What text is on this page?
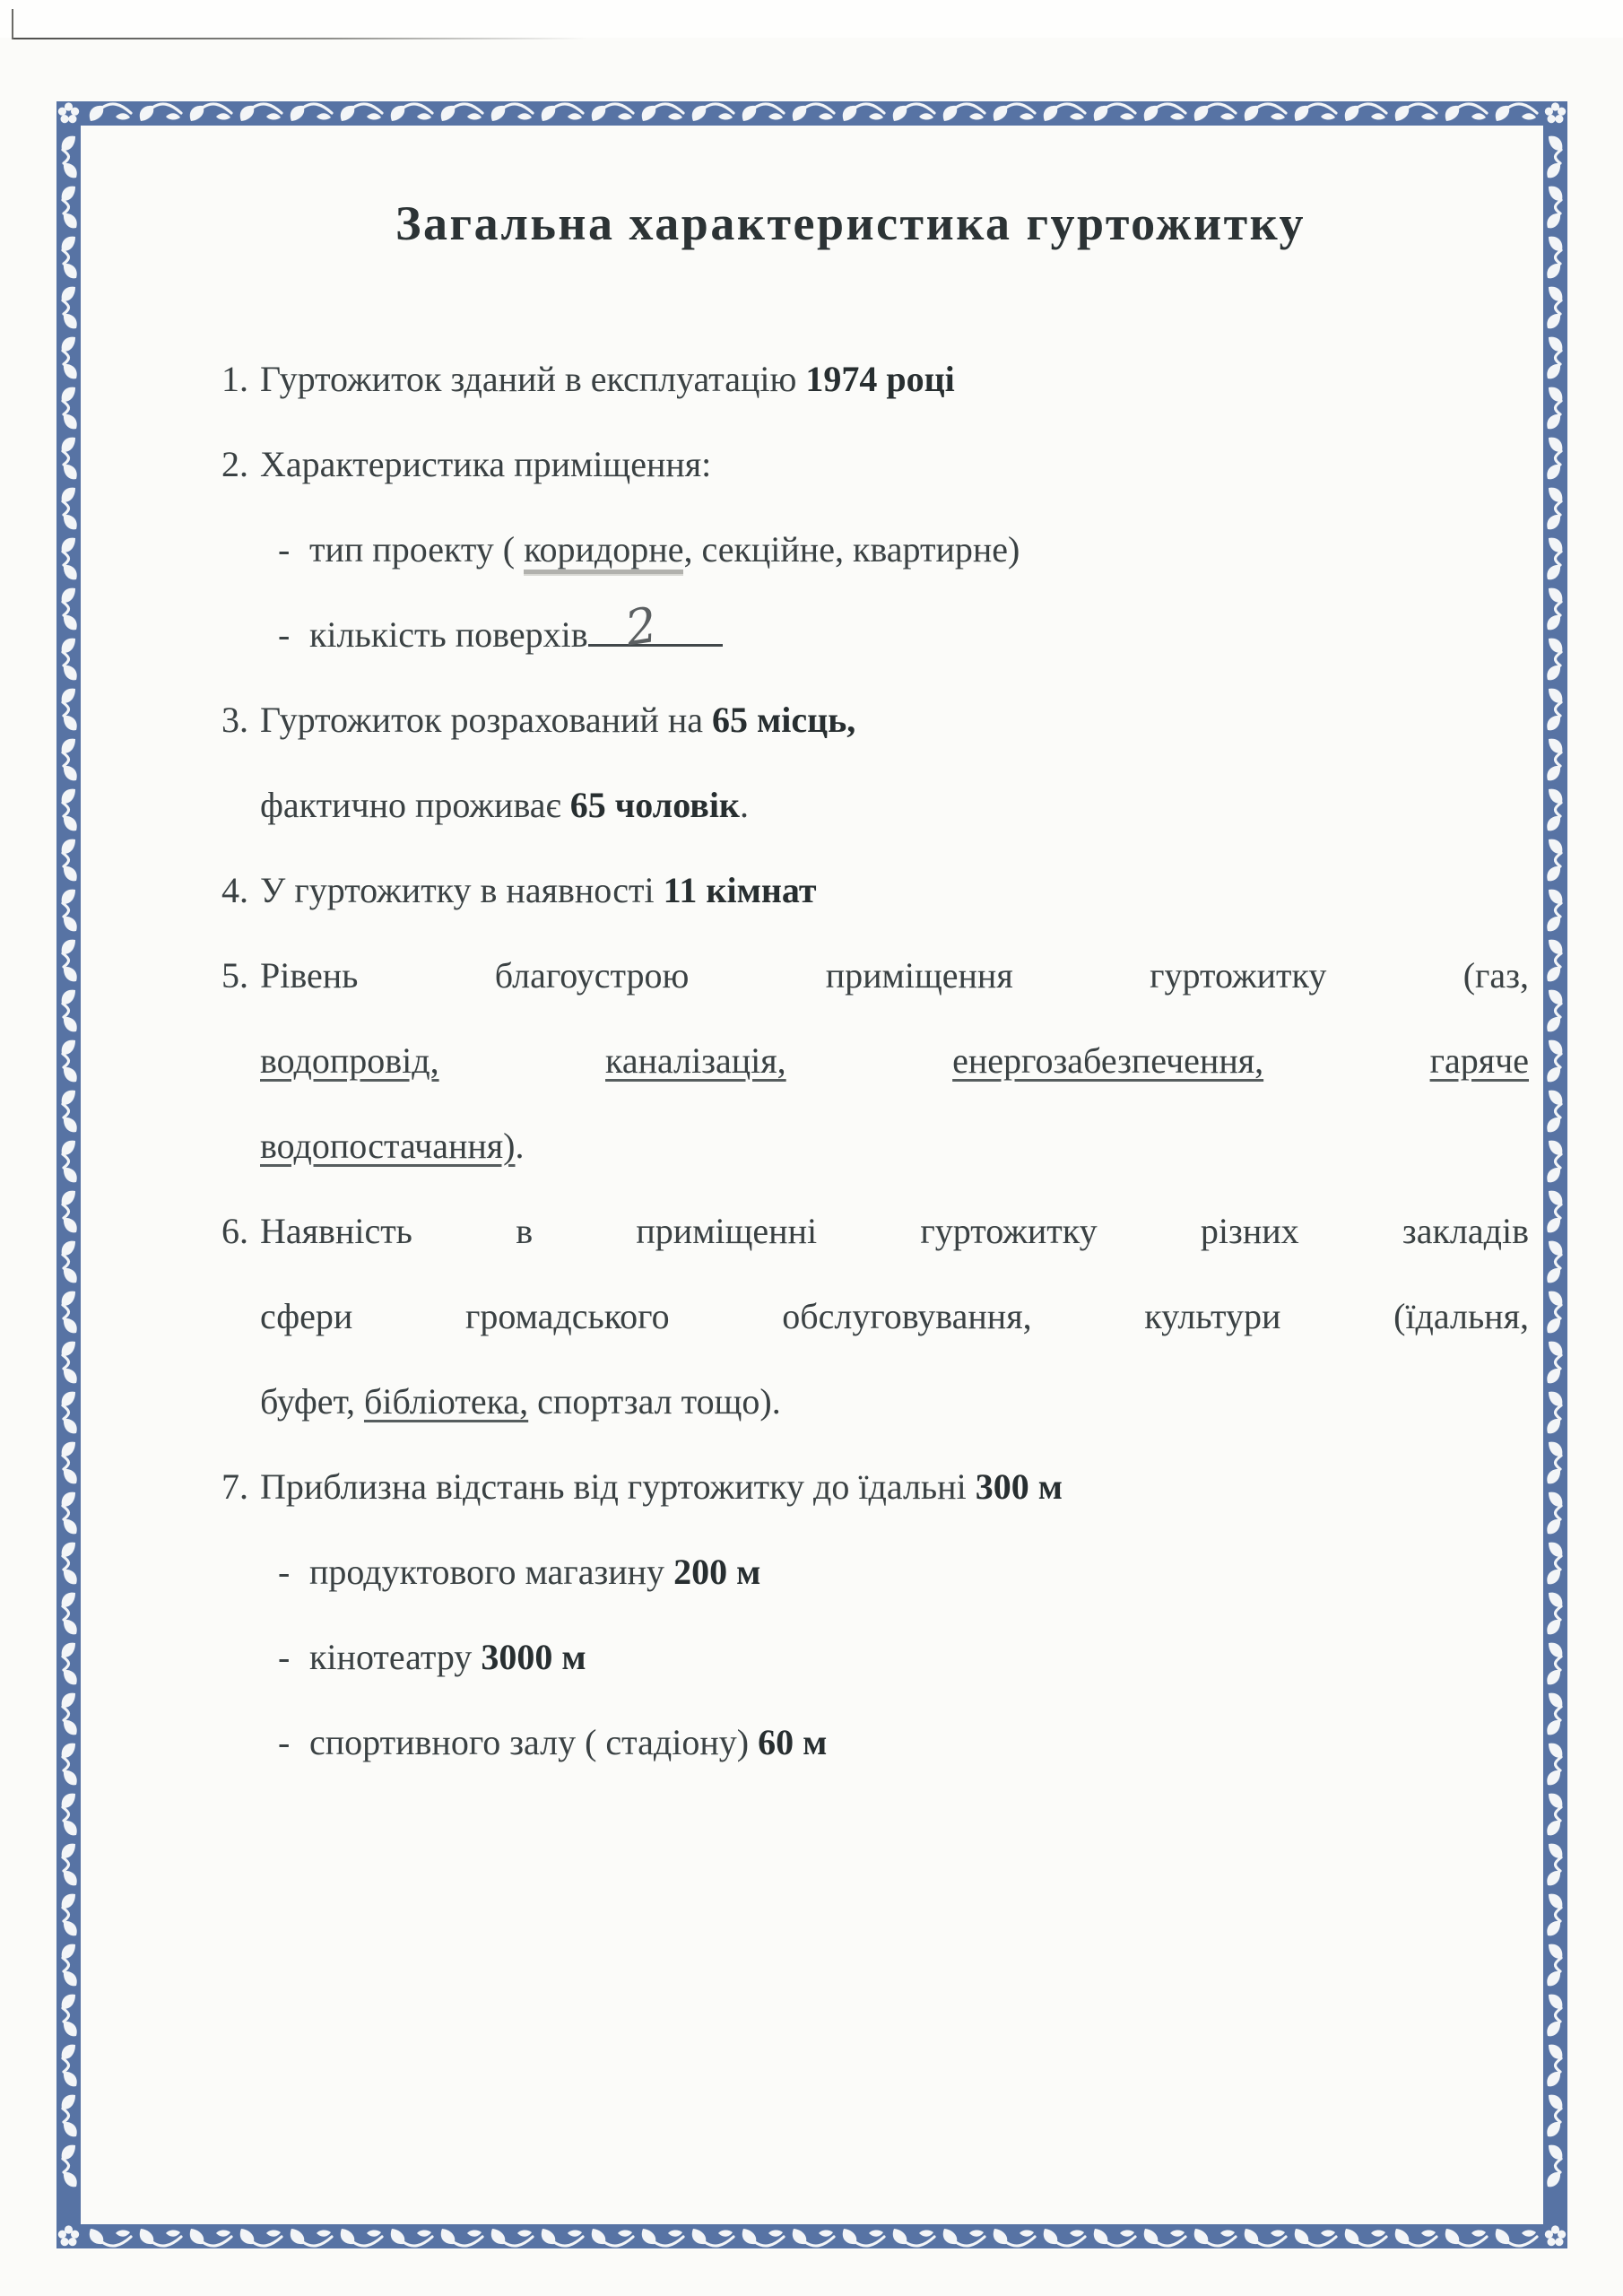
Загальна характеристика гуртожитку
1. Гуртожиток зданий в експлуатацію 1974 році
2. Характеристика приміщення:
- тип проекту ( коридорне, секційне, квартирне)
- кількість поверхів 2
3. Гуртожиток розрахований на 65 місць,
фактично проживає 65 чоловік.
4. У гуртожитку в наявності 11 кімнат
5. Рівень благоустрою приміщення гуртожитку (газ,
водопровід,	каналізація,	енергозабезпечення,	гаряче
водопостачання).
6. Наявність в приміщенні гуртожитку різних закладів
сфери громадського обслуговування, культури (їдальня,
буфет, бібліотека, спортзал тощо).
7. Приблизна відстань від гуртожитку до їдальні 300 м
- продуктового магазину 200 м
- кінотеатру 3000 м
- спортивного залу ( стадіону) 60 м
